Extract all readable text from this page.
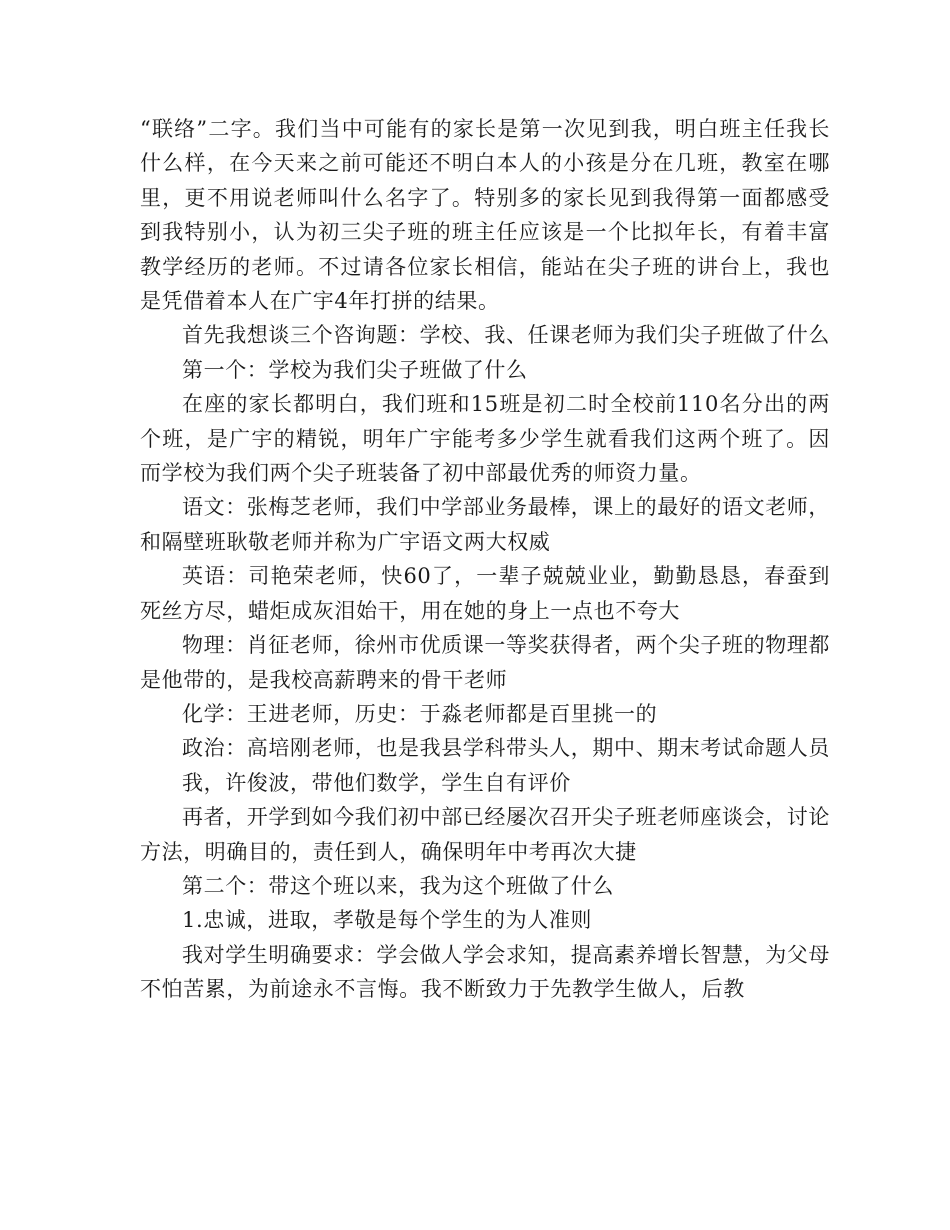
“联络”二字。我们当中可能有的家长是第一次见到我，明白班主任我长什么样，在今天来之前可能还不明白本人的小孩是分在几班，教室在哪里，更不用说老师叫什么名字了。特别多的家长见到我得第一面都感受到我特别小，认为初三尖子班的班主任应该是一个比拟年长，有着丰富教学经历的老师。不过请各位家长相信，能站在尖子班的讲台上，我也是凭借着本人在广宇4年打拼的结果。

首先我想谈三个咨询题：学校、我、任课老师为我们尖子班做了什么

第一个：学校为我们尖子班做了什么

在座的家长都明白，我们班和15班是初二时全校前110名分出的两个班，是广宇的精锐，明年广宇能考多少学生就看我们这两个班了。因而学校为我们两个尖子班装备了初中部最优秀的师资力量。

语文：张梅芝老师，我们中学部业务最棒，课上的最好的语文老师，和隔壁班耿敬老师并称为广宇语文两大权威

英语：司艳荣老师，快60了，一辈子兢兢业业，勤勤恳恳，春蚕到死丝方尽，蜡炬成灰泪始干，用在她的身上一点也不夸大

物理：肖征老师，徐州市优质课一等奖获得者，两个尖子班的物理都是他带的，是我校高薪聘来的骨干老师

化学：王进老师，历史：于淼老师都是百里挑一的

政治：高培刚老师，也是我县学科带头人，期中、期末考试命题人员

我，许俊波，带他们数学，学生自有评价

再者，开学到如今我们初中部已经屡次召开尖子班老师座谈会，讨论方法，明确目的，责任到人，确保明年中考再次大捷

第二个：带这个班以来，我为这个班做了什么

1.忠诚，进取，孝敬是每个学生的为人准则

我对学生明确要求：学会做人学会求知，提高素养增长智慧，为父母不怕苦累，为前途永不言悔。我不断致力于先教学生做人，后教
